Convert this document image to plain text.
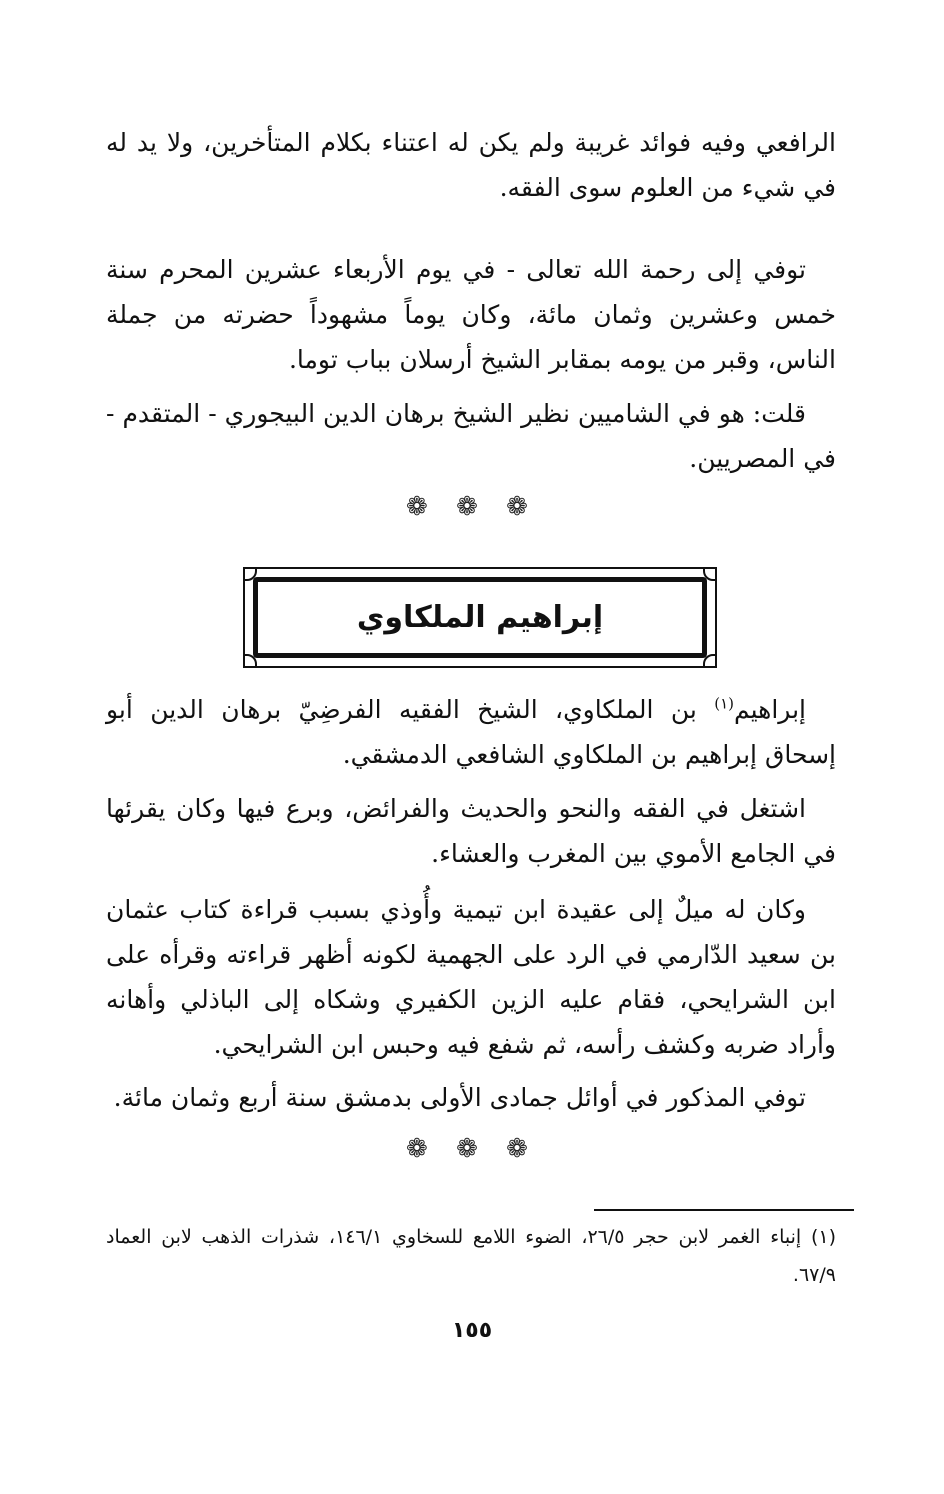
الرافعي وفيه فوائد غريبة ولم يكن له اعتناء بكلام المتأخرين، ولا يد له في شيء من العلوم سوى الفقه.

توفي إلى رحمة الله تعالى - في يوم الأربعاء عشرين المحرم سنة خمس وعشرين وثمان مائة، وكان يوماً مشهوداً حضرته من جملة الناس، وقبر من يومه بمقابر الشيخ أرسلان بباب توما.

قلت: هو في الشاميين نظير الشيخ برهان الدين البيجوري - المتقدم - في المصريين.

❁ ❁ ❁
إبراهيم الملكاوي

إبراهيم$^{(١)}$ بن الملكاوي، الشيخ الفقيه الفرضِيّ برهان الدين أبو إسحاق إبراهيم بن الملكاوي الشافعي الدمشقي.

اشتغل في الفقه والنحو والحديث والفرائض، وبرع فيها وكان يقرئها في الجامع الأموي بين المغرب والعشاء.

وكان له ميلٌ إلى عقيدة ابن تيمية وأُوذي بسبب قراءة كتاب عثمان بن سعيد الدّارمي في الرد على الجهمية لكونه أظهر قراءته وقرأه على ابن الشرايحي، فقام عليه الزين الكفيري وشكاه إلى الباذلي وأهانه وأراد ضربه وكشف رأسه، ثم شفع فيه وحبس ابن الشرايحي.

توفي المذكور في أوائل جمادى الأولى بدمشق سنة أربع وثمان مائة.

❁ ❁ ❁

(١) إنباء الغمر لابن حجر ٢٦/٥، الضوء اللامع للسخاوي ١٤٦/١، شذرات الذهب لابن العماد ٦٧/٩.

١٥٥
